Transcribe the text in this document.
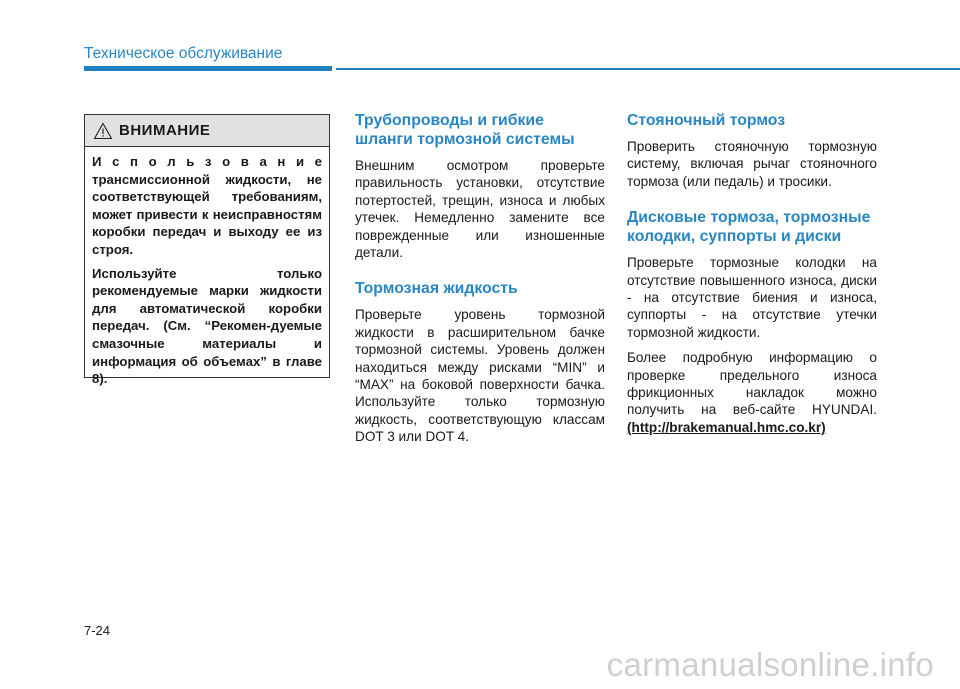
Техническое обслуживание
ВНИМАНИЕ

И с п о л ь з о в а н и е трансмиссионной жидкости, не соответствующей требованиям, может привести к неисправностям коробки передач и выходу ее из строя.

Используйте только рекомендуемые марки жидкости для автоматической коробки передач. (См. “Рекомен-дуемые смазочные материалы и информация об объемах” в главе 8).

Трубопроводы и гибкие шланги тормозной системы

Внешним осмотром проверьте правильность установки, отсутствие потертостей, трещин, износа и любых утечек. Немедленно замените все поврежденные или изношенные детали.

Тормозная жидкость

Проверьте уровень тормозной жидкости в расширительном бачке тормозной системы. Уровень должен находиться между рисками “MIN” и “MAX” на боковой поверхности бачка. Используйте только тормозную жидкость, соответствующую классам DOT 3 или DOT 4.

Стояночный тормоз

Проверить стояночную тормозную систему, включая рычаг стояночного тормоза (или педаль) и тросики.

Дисковые тормоза, тормозные колодки, суппорты и диски

Проверьте тормозные колодки на отсутствие повышенного износа, диски - на отсутствие биения и износа, суппорты - на отсутствие утечки тормозной жидкости.

Более подробную информацию о проверке предельного износа фрикционных накладок можно получить на веб-сайте HYUNDAI. (http://brakemanual.hmc.co.kr)

7-24
carmanualsonline.info
